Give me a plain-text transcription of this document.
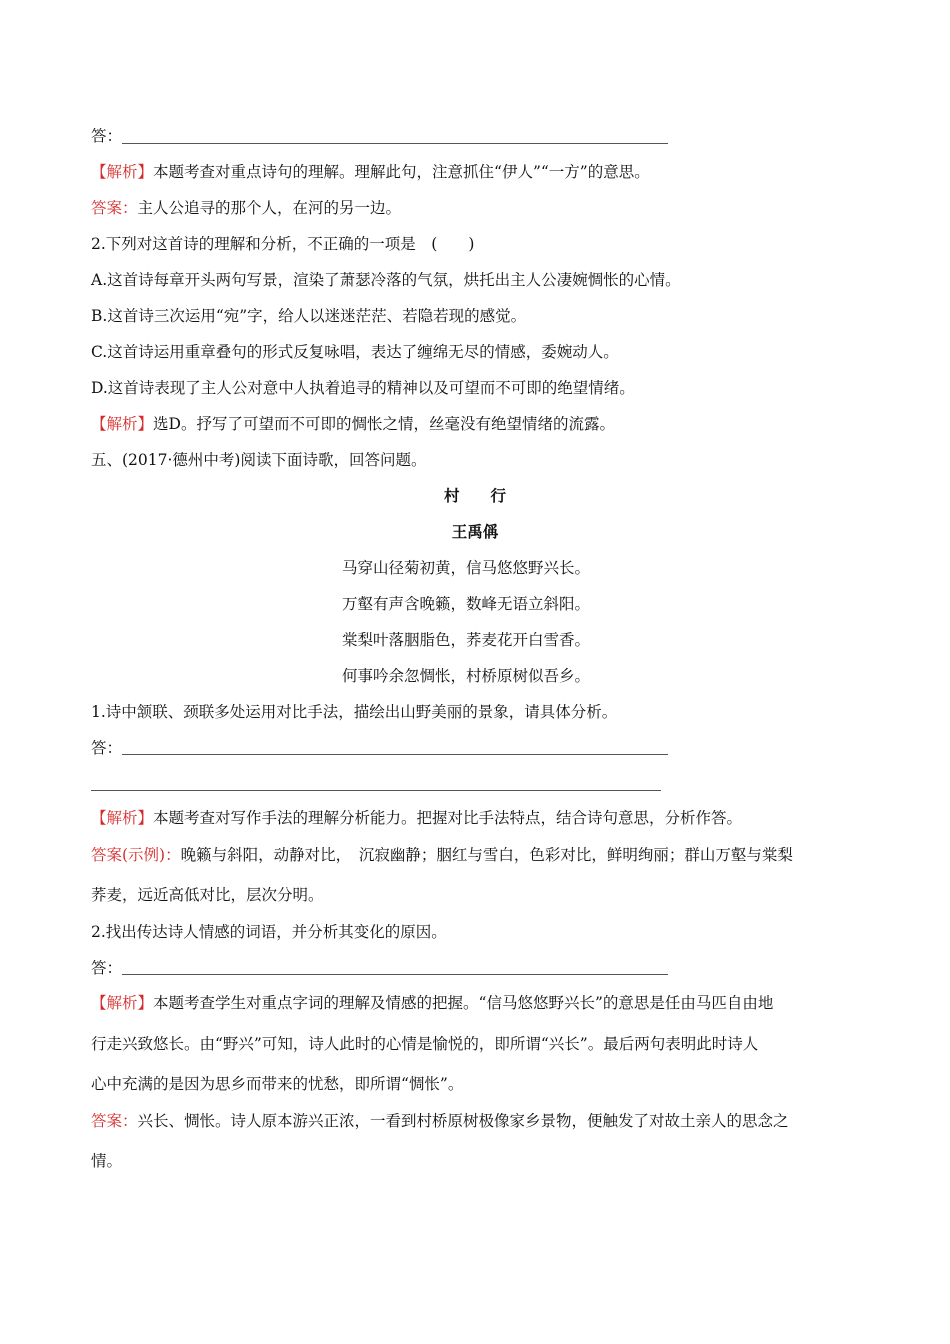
答：
【解析】本题考查对重点诗句的理解。理解此句，注意抓住“伊人”“一方”的意思。
答案：主人公追寻的那个人，在河的另一边。
2.下列对这首诗的理解和分析，不正确的一项是　(　　)
A.这首诗每章开头两句写景，渲染了萧瑟冷落的气氛，烘托出主人公凄婉惆怅的心情。
B.这首诗三次运用“宛”字，给人以迷迷茫茫、若隐若现的感觉。
C.这首诗运用重章叠句的形式反复咏唱，表达了缠绵无尽的情感，委婉动人。
D.这首诗表现了主人公对意中人执着追寻的精神以及可望而不可即的绝望情绪。
【解析】选D。抒写了可望而不可即的惆怅之情，丝毫没有绝望情绪的流露。
五、(2017·德州中考)阅读下面诗歌，回答问题。
村　　行
王禹偁
马穿山径菊初黄，信马悠悠野兴长。
万壑有声含晚籁，数峰无语立斜阳。
棠梨叶落胭脂色，荞麦花开白雪香。
何事吟余忽惆怅，村桥原树似吾乡。
1.诗中颔联、颈联多处运用对比手法，描绘出山野美丽的景象，请具体分析。
答：
【解析】本题考查对写作手法的理解分析能力。把握对比手法特点，结合诗句意思，分析作答。
答案(示例)：晚籁与斜阳，动静对比，　沉寂幽静；胭红与雪白，色彩对比，鲜明绚丽；群山万壑与棠梨
荞麦，远近高低对比，层次分明。
2.找出传达诗人情感的词语，并分析其变化的原因。
答：
【解析】本题考查学生对重点字词的理解及情感的把握。“信马悠悠野兴长”的意思是任由马匹自由地
行走兴致悠长。由“野兴”可知，诗人此时的心情是愉悦的，即所谓“兴长”。最后两句表明此时诗人
心中充满的是因为思乡而带来的忧愁，即所谓“惆怅”。
答案：兴长、惆怅。诗人原本游兴正浓，一看到村桥原树极像家乡景物，便触发了对故土亲人的思念之
情。
